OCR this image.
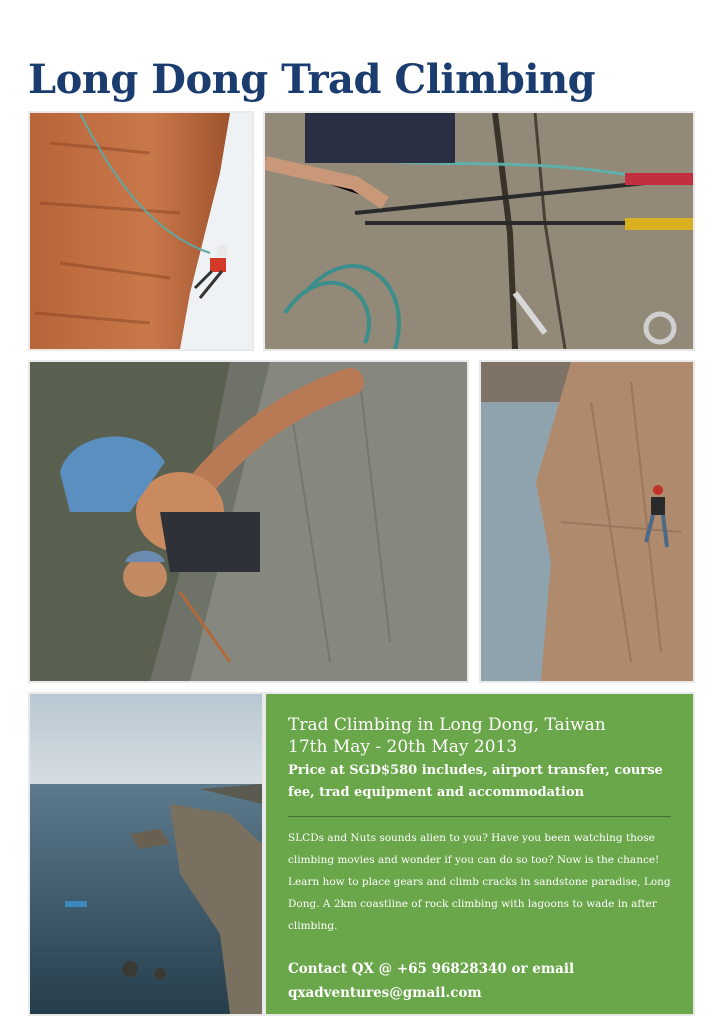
Long Dong Trad Climbing
Trad Climbing in Long Dong, Taiwan
17th May - 20th May 2013
Price at SGD$580 includes, airport transfer, course fee, trad equipment and accommodation
SLCDs and Nuts sounds alien to you? Have you been watching those climbing movies and wonder if you can do so too? Now is the chance! Learn how to place gears and climb cracks in sandstone paradise, Long Dong. A 2km coastline of rock climbing with lagoons to wade in after climbing.
Contact QX @ +65 96828340 or email
qxadventures@gmail.com
